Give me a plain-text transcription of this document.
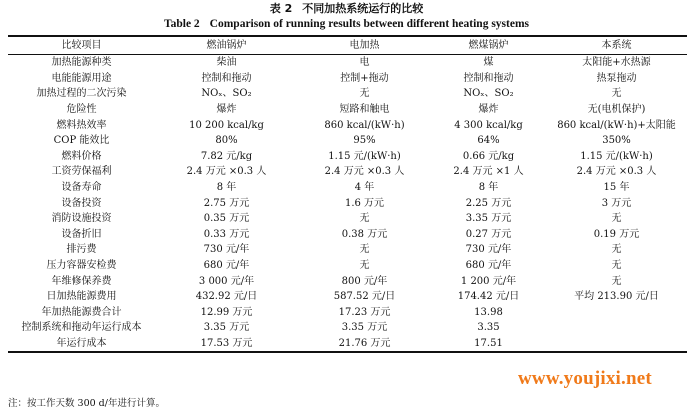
表 2 不同加热系统运行的比较
Table 2 Comparison of running results between different heating systems
比较项目	燃油锅炉	电加热	燃煤锅炉	本系统
加热能源种类	柴油	电	煤	太阳能+水热源
电能能源用途	控制和拖动	控制+拖动	控制和拖动	热泵拖动
加热过程的二次污染	NOₓ、SO₂	无	NOₓ、SO₂	无
危险性	爆炸	短路和触电	爆炸	无(电机保护)
燃料热效率	10 200 kcal/kg	860 kcal/(kW·h)	4 300 kcal/kg	860 kcal/(kW·h)+太阳能
COP 能效比	80%	95%	64%	350%
燃料价格	7.82 元/kg	1.15 元/(kW·h)	0.66 元/kg	1.15 元/(kW·h)
工资劳保福利	2.4 万元 ×0.3 人	2.4 万元 ×0.3 人	2.4 万元 ×1 人	2.4 万元 ×0.3 人
设备寿命	8 年	4 年	8 年	15 年
设备投资	2.75 万元	1.6 万元	2.25 万元	3 万元
消防设施投资	0.35 万元	无	3.35 万元	无
设备折旧	0.33 万元	0.38 万元	0.27 万元	0.19 万元
排污费	730 元/年	无	730 元/年	无
压力容器安检费	680 元/年	无	680 元/年	无
年维修保养费	3 000 元/年	800 元/年	1 200 元/年	无
日加热能源费用	432.92 元/日	587.52 元/日	174.42 元/日	平均 213.90 元/日
年加热能源费合计	12.99 万元	17.23 万元	13.98	
控制系统和拖动年运行成本	3.35 万元	3.35 万元	3.35	
年运行成本	17.53 万元	21.76 万元	17.51	
注：按工作天数 300 d/年进行计算。
www.youjixi.net
